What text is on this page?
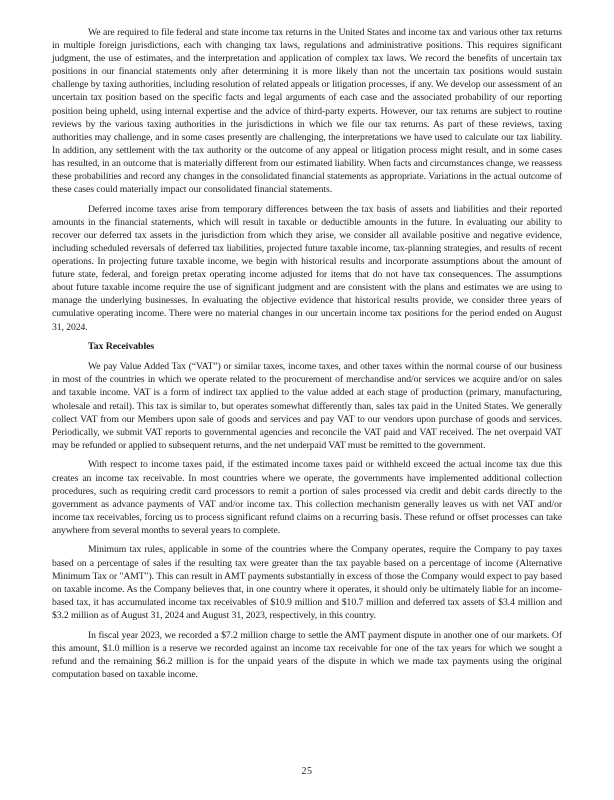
We are required to file federal and state income tax returns in the United States and income tax and various other tax returns in multiple foreign jurisdictions, each with changing tax laws, regulations and administrative positions. This requires significant judgment, the use of estimates, and the interpretation and application of complex tax laws. We record the benefits of uncertain tax positions in our financial statements only after determining it is more likely than not the uncertain tax positions would sustain challenge by taxing authorities, including resolution of related appeals or litigation processes, if any. We develop our assessment of an uncertain tax position based on the specific facts and legal arguments of each case and the associated probability of our reporting position being upheld, using internal expertise and the advice of third-party experts. However, our tax returns are subject to routine reviews by the various taxing authorities in the jurisdictions in which we file our tax returns. As part of these reviews, taxing authorities may challenge, and in some cases presently are challenging, the interpretations we have used to calculate our tax liability. In addition, any settlement with the tax authority or the outcome of any appeal or litigation process might result, and in some cases has resulted, in an outcome that is materially different from our estimated liability. When facts and circumstances change, we reassess these probabilities and record any changes in the consolidated financial statements as appropriate. Variations in the actual outcome of these cases could materially impact our consolidated financial statements.

Deferred income taxes arise from temporary differences between the tax basis of assets and liabilities and their reported amounts in the financial statements, which will result in taxable or deductible amounts in the future. In evaluating our ability to recover our deferred tax assets in the jurisdiction from which they arise, we consider all available positive and negative evidence, including scheduled reversals of deferred tax liabilities, projected future taxable income, tax-planning strategies, and results of recent operations. In projecting future taxable income, we begin with historical results and incorporate assumptions about the amount of future state, federal, and foreign pretax operating income adjusted for items that do not have tax consequences. The assumptions about future taxable income require the use of significant judgment and are consistent with the plans and estimates we are using to manage the underlying businesses. In evaluating the objective evidence that historical results provide, we consider three years of cumulative operating income. There were no material changes in our uncertain income tax positions for the period ended on August 31, 2024.

Tax Receivables

We pay Value Added Tax (“VAT”) or similar taxes, income taxes, and other taxes within the normal course of our business in most of the countries in which we operate related to the procurement of merchandise and/or services we acquire and/or on sales and taxable income. VAT is a form of indirect tax applied to the value added at each stage of production (primary, manufacturing, wholesale and retail). This tax is similar to, but operates somewhat differently than, sales tax paid in the United States. We generally collect VAT from our Members upon sale of goods and services and pay VAT to our vendors upon purchase of goods and services. Periodically, we submit VAT reports to governmental agencies and reconcile the VAT paid and VAT received. The net overpaid VAT may be refunded or applied to subsequent returns, and the net underpaid VAT must be remitted to the government.

With respect to income taxes paid, if the estimated income taxes paid or withheld exceed the actual income tax due this creates an income tax receivable. In most countries where we operate, the governments have implemented additional collection procedures, such as requiring credit card processors to remit a portion of sales processed via credit and debit cards directly to the government as advance payments of VAT and/or income tax. This collection mechanism generally leaves us with net VAT and/or income tax receivables, forcing us to process significant refund claims on a recurring basis. These refund or offset processes can take anywhere from several months to several years to complete.

Minimum tax rules, applicable in some of the countries where the Company operates, require the Company to pay taxes based on a percentage of sales if the resulting tax were greater than the tax payable based on a percentage of income (Alternative Minimum Tax or "AMT"). This can result in AMT payments substantially in excess of those the Company would expect to pay based on taxable income. As the Company believes that, in one country where it operates, it should only be ultimately liable for an income-based tax, it has accumulated income tax receivables of $10.9 million and $10.7 million and deferred tax assets of $3.4 million and $3.2 million as of August 31, 2024 and August 31, 2023, respectively, in this country.

In fiscal year 2023, we recorded a $7.2 million charge to settle the AMT payment dispute in another one of our markets. Of this amount, $1.0 million is a reserve we recorded against an income tax receivable for one of the tax years for which we sought a refund and the remaining $6.2 million is for the unpaid years of the dispute in which we made tax payments using the original computation based on taxable income.

25
